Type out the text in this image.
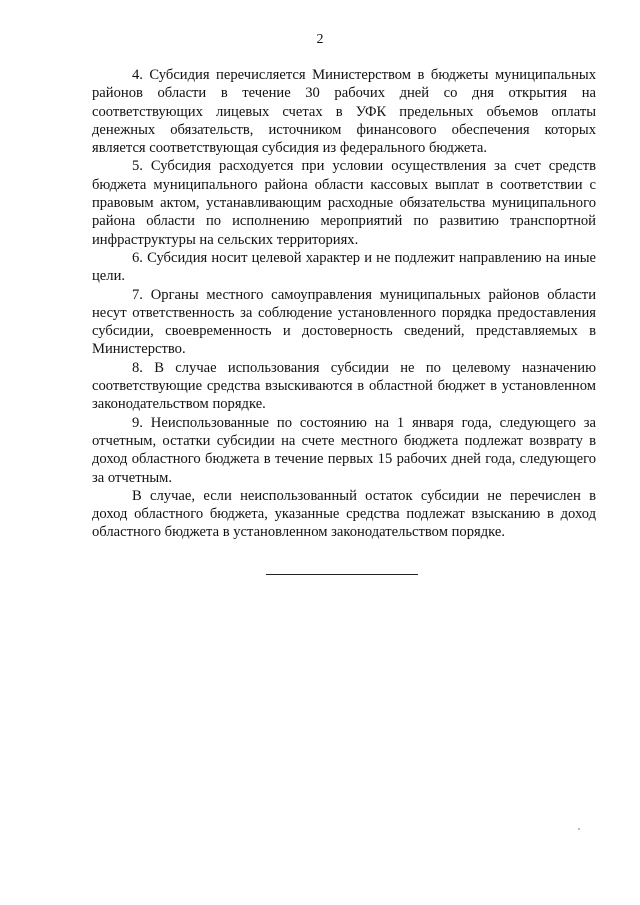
2

4. Субсидия перечисляется Министерством в бюджеты муниципальных районов области в течение 30 рабочих дней со дня открытия на соответствующих лицевых счетах в УФК предельных объемов оплаты денежных обязательств, источником финансового обеспечения которых является соответствующая субсидия из федерального бюджета.

5. Субсидия расходуется при условии осуществления за счет средств бюджета муниципального района области кассовых выплат в соответствии с правовым актом, устанавливающим расходные обязательства муниципального района области по исполнению мероприятий по развитию транспортной инфраструктуры на сельских территориях.

6. Субсидия носит целевой характер и не подлежит направлению на иные цели.

7. Органы местного самоуправления муниципальных районов области несут ответственность за соблюдение установленного порядка предоставления субсидии, своевременность и достоверность сведений, представляемых в Министерство.

8. В случае использования субсидии не по целевому назначению соответствующие средства взыскиваются в областной бюджет в установленном законодательством порядке.

9. Неиспользованные по состоянию на 1 января года, следующего за отчетным, остатки субсидии на счете местного бюджета подлежат возврату в доход областного бюджета в течение первых 15 рабочих дней года, следующего за отчетным.

В случае, если неиспользованный остаток субсидии не перечислен в доход областного бюджета, указанные средства подлежат взысканию в доход областного бюджета в установленном законодательством порядке.
